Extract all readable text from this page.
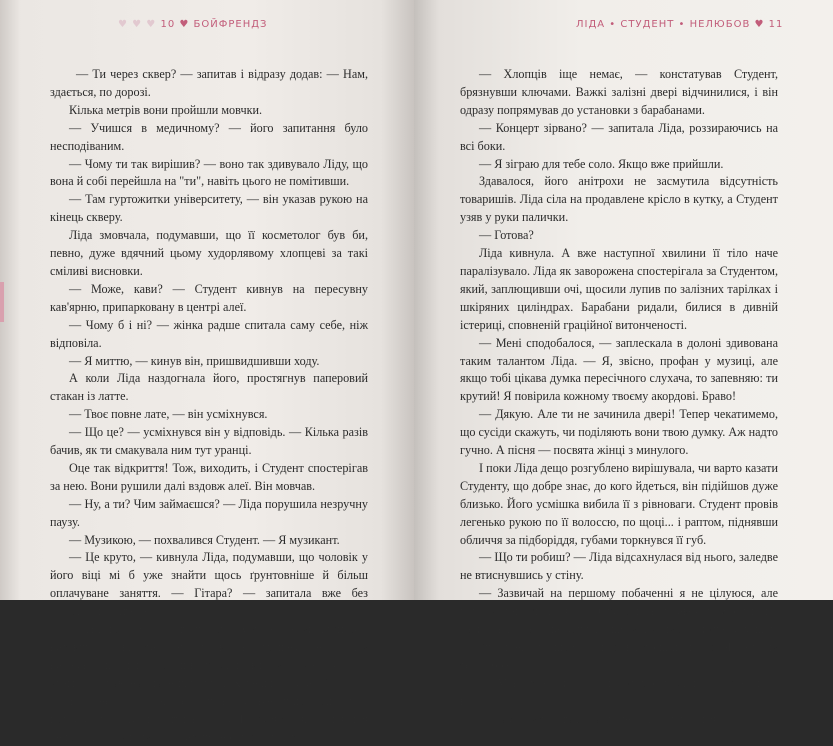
♥ ♥ ♥ 10 ♥ БОЙФРЕНДЗ

— Ти через сквер? — запитав і відразу додав: — Нам, здається, по дорозі.

Кілька метрів вони пройшли мовчки.

— Учишся в медичному? — його запитання було несподіваним.

— Чому ти так вирішив? — воно так здивувало Ліду, що вона й собі перейшла на "ти", навіть цього не помітивши.

— Там гуртожитки університету, — він указав рукою на кінець скверу.

Ліда змовчала, подумавши, що її косметолог був би, певно, дуже вдячний цьому худорлявому хлопцеві за такі сміливі висновки.

— Може, кави? — Студент кивнув на пересувну кав'ярню, припарковану в центрі алеї.

— Чому б і ні? — жінка радше спитала саму себе, ніж відповіла.

— Я миттю, — кинув він, пришвидшивши ходу.

А коли Ліда наздогнала його, простягнув паперовий стакан із латте.

— Твоє повне лате, — він усміхнувся.

— Що це? — усміхнувся він у відповідь. — Кілька разів бачив, як ти смакувала ним тут уранці.

Оце так відкриття! Тож, виходить, і Студент спостерігав за нею. Вони рушили далі вздовж алеї. Він мовчав.

— Ну, а ти? Чим займаєшся? — Ліда порушила незручну паузу.

— Музикою, — похвалився Студент. — Я музикант.

— Це круто, — кивнула Ліда, подумавши, що чоловік у його віці мі б уже знайти щось ґрунтовніше й більш оплачуване заняття. — Гітара? — запитала вже без особливого інтересу.

— Ні, це було б надто просто. А я люблю виділятися з натовпу! — він так само вдоволено гмикнув, ніби знав напевно: що його особливість Ліда вже встигла взяти до уваги. — Граю на ударних у групі. Хочеш послухати?

Вона не відповіла, але чомусь слухняно пішла слідом до під'їзду будинку, де Студент жив. Виявляється, студія для репетицій — у підвалі багатоповерхівки в центрі.

ЛІДА • СТУДЕНТ • НЕЛЮБОВ ♥ 11

— Хлопців іще немає, — констатував Студент, брязнувши ключами. Важкі залізні двері відчинилися, і він одразу попрямував до установки з барабанами.

— Концерт зірвано? — запитала Ліда, роззираючись на всі боки.

— Я зіграю для тебе соло. Якщо вже прийшли.

Здавалося, його анітрохи не засмутила відсутність товаришів. Ліда сіла на продавлене крісло в кутку, а Студент узяв у руки палички.

— Готова?

Ліда кивнула. А вже наступної хвилини її тіло наче паралізувало. Ліда як заворожена спостерігала за Студентом, який, заплющивши очі, щосили лупив по залізних тарілках і шкіряних циліндрах. Барабани ридали, билися в дивній істериці, сповненій граційної витонченості.

— Мені сподобалося, — заплескала в долоні здивована таким талантом Ліда. — Я, звісно, профан у музиці, але якщо тобі цікава думка пересічного слухача, то запевняю: ти крутий! Я повірила кожному твоєму акордові. Браво!

— Дякую. Але ти не зачинила двері! Тепер чекатимемо, що сусіди скажуть, чи поділяють вони твою думку. Аж надто гучно. А пісня — посвята жінці з минулого.

І поки Ліда дещо розгублено вирішувала, чи варто казати Студенту, що добре знає, до кого йдеться, він підійшов дуже близько. Його усмішка вибила її з рівноваги. Студент провів легенько рукою по її волоссю, по щоці... і раптом, піднявши обличчя за підборіддя, губами торкнувся її губ.

— Що ти робиш? — Ліда відсахнулася від нього, заледве не втиснувшись у стіну.

— Зазвичай на першому побаченні я не цілуюся, але чомусь так сталося, — Студент намагався говорити по-серйозно, але Ліда відчула, що він ледве стримує усмішку. — Спонтанно вийшло, якийсь внутрішній потяг. Я не хотів тебе образити.

— Мені треба йти, — промимрила Ліда, задкуючи до виходу.

— Завтра в той-таки час у метро, домовилися?
